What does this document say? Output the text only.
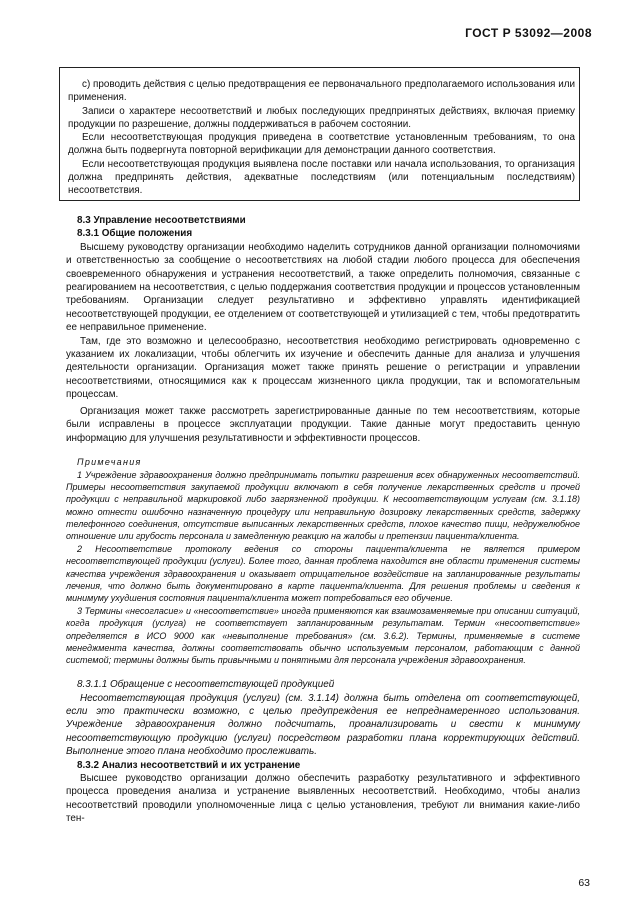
ГОСТ Р 53092—2008

c) проводить действия с целью предотвращения ее первоначального предполагаемого использования или применения.

Записи о характере несоответствий и любых последующих предпринятых действиях, включая приемку продукции по разрешение, должны поддерживаться в рабочем состоянии.

Если несоответствующая продукция приведена в соответствие установленным требованиям, то она должна быть подвергнута повторной верификации для демонстрации данного соответствия.

Если несоответствующая продукция выявлена после поставки или начала использования, то организация должна предпринять действия, адекватные последствиям (или потенциальным последствиям) несоответствия.

8.3 Управление несоответствиями

8.3.1 Общие положения

Высшему руководству организации необходимо наделить сотрудников данной организации полномочиями и ответственностью за сообщение о несоответствиях на любой стадии любого процесса для обеспечения своевременного обнаружения и устранения несоответствий, а также определить полномочия, связанные с реагированием на несоответствия, с целью поддержания соответствия продукции и процессов установленным требованиям. Организации следует результативно и эффективно управлять идентификацией несоответствующей продукции, ее отделением от соответствующей и утилизацией с тем, чтобы предотвратить ее неправильное применение.

Там, где это возможно и целесообразно, несоответствия необходимо регистрировать одновременно с указанием их локализации, чтобы облегчить их изучение и обеспечить данные для анализа и улучшения деятельности организации. Организация может также принять решение о регистрации и управлении несоответствиями, относящимися как к процессам жизненного цикла продукции, так и вспомогательным процессам.

Организация может также рассмотреть зарегистрированные данные по тем несоответствиям, которые были исправлены в процессе эксплуатации продукции. Такие данные могут предоставить ценную информацию для улучшения результативности и эффективности процессов.

Примечания

1 Учреждение здравоохранения должно предпринимать попытки разрешения всех обнаруженных несоответствий. Примеры несоответствия закупаемой продукции включают в себя получение лекарственных средств и прочей продукции с неправильной маркировкой либо загрязненной продукции. К несоответствующим услугам (см. 3.1.18) можно отнести ошибочно назначенную процедуру или неправильную дозировку лекарственных средств, задержку телефонного соединения, отсутствие выписанных лекарственных средств, плохое качество пищи, недружелюбное отношение или грубость персонала и замедленную реакцию на жалобы и претензии пациента/клиента.

2 Несоответствие протоколу ведения со стороны пациента/клиента не является примером несоответствующей продукции (услуги). Более того, данная проблема находится вне области применения системы качества учреждения здравоохранения и оказывает отрицательное воздействие на запланированные результаты лечения, что должно быть документировано в карте пациента/клиента. Для решения проблемы и сведения к минимуму ухудшения состояния пациента/клиента может потребоваться его обучение.

3 Термины «несогласие» и «несоответствие» иногда применяются как взаимозаменяемые при описании ситуаций, когда продукция (услуга) не соответствует запланированным результатам. Термин «несоответствие» определяется в ИСО 9000 как «невыполнение требования» (см. 3.6.2). Термины, применяемые в системе менеджмента качества, должны соответствовать обычно используемым персоналом, работающим с данной системой; термины должны быть привычными и понятными для персонала учреждения здравоохранения.

8.3.1.1 Обращение с несоответствующей продукцией

Несоответствующая продукция (услуги) (см. 3.1.14) должна быть отделена от соответствующей, если это практически возможно, с целью предупреждения ее непреднамеренного использования. Учреждение здравоохранения должно подсчитать, проанализировать и свести к минимуму несоответствующую продукцию (услуги) посредством разработки плана корректирующих действий. Выполнение этого плана необходимо прослеживать.

8.3.2 Анализ несоответствий и их устранение

Высшее руководство организации должно обеспечить разработку результативного и эффективного процесса проведения анализа и устранение выявленных несоответствий. Необходимо, чтобы анализ несоответствий проводили уполномоченные лица с целью установления, требуют ли внимания какие-либо тен-

63
